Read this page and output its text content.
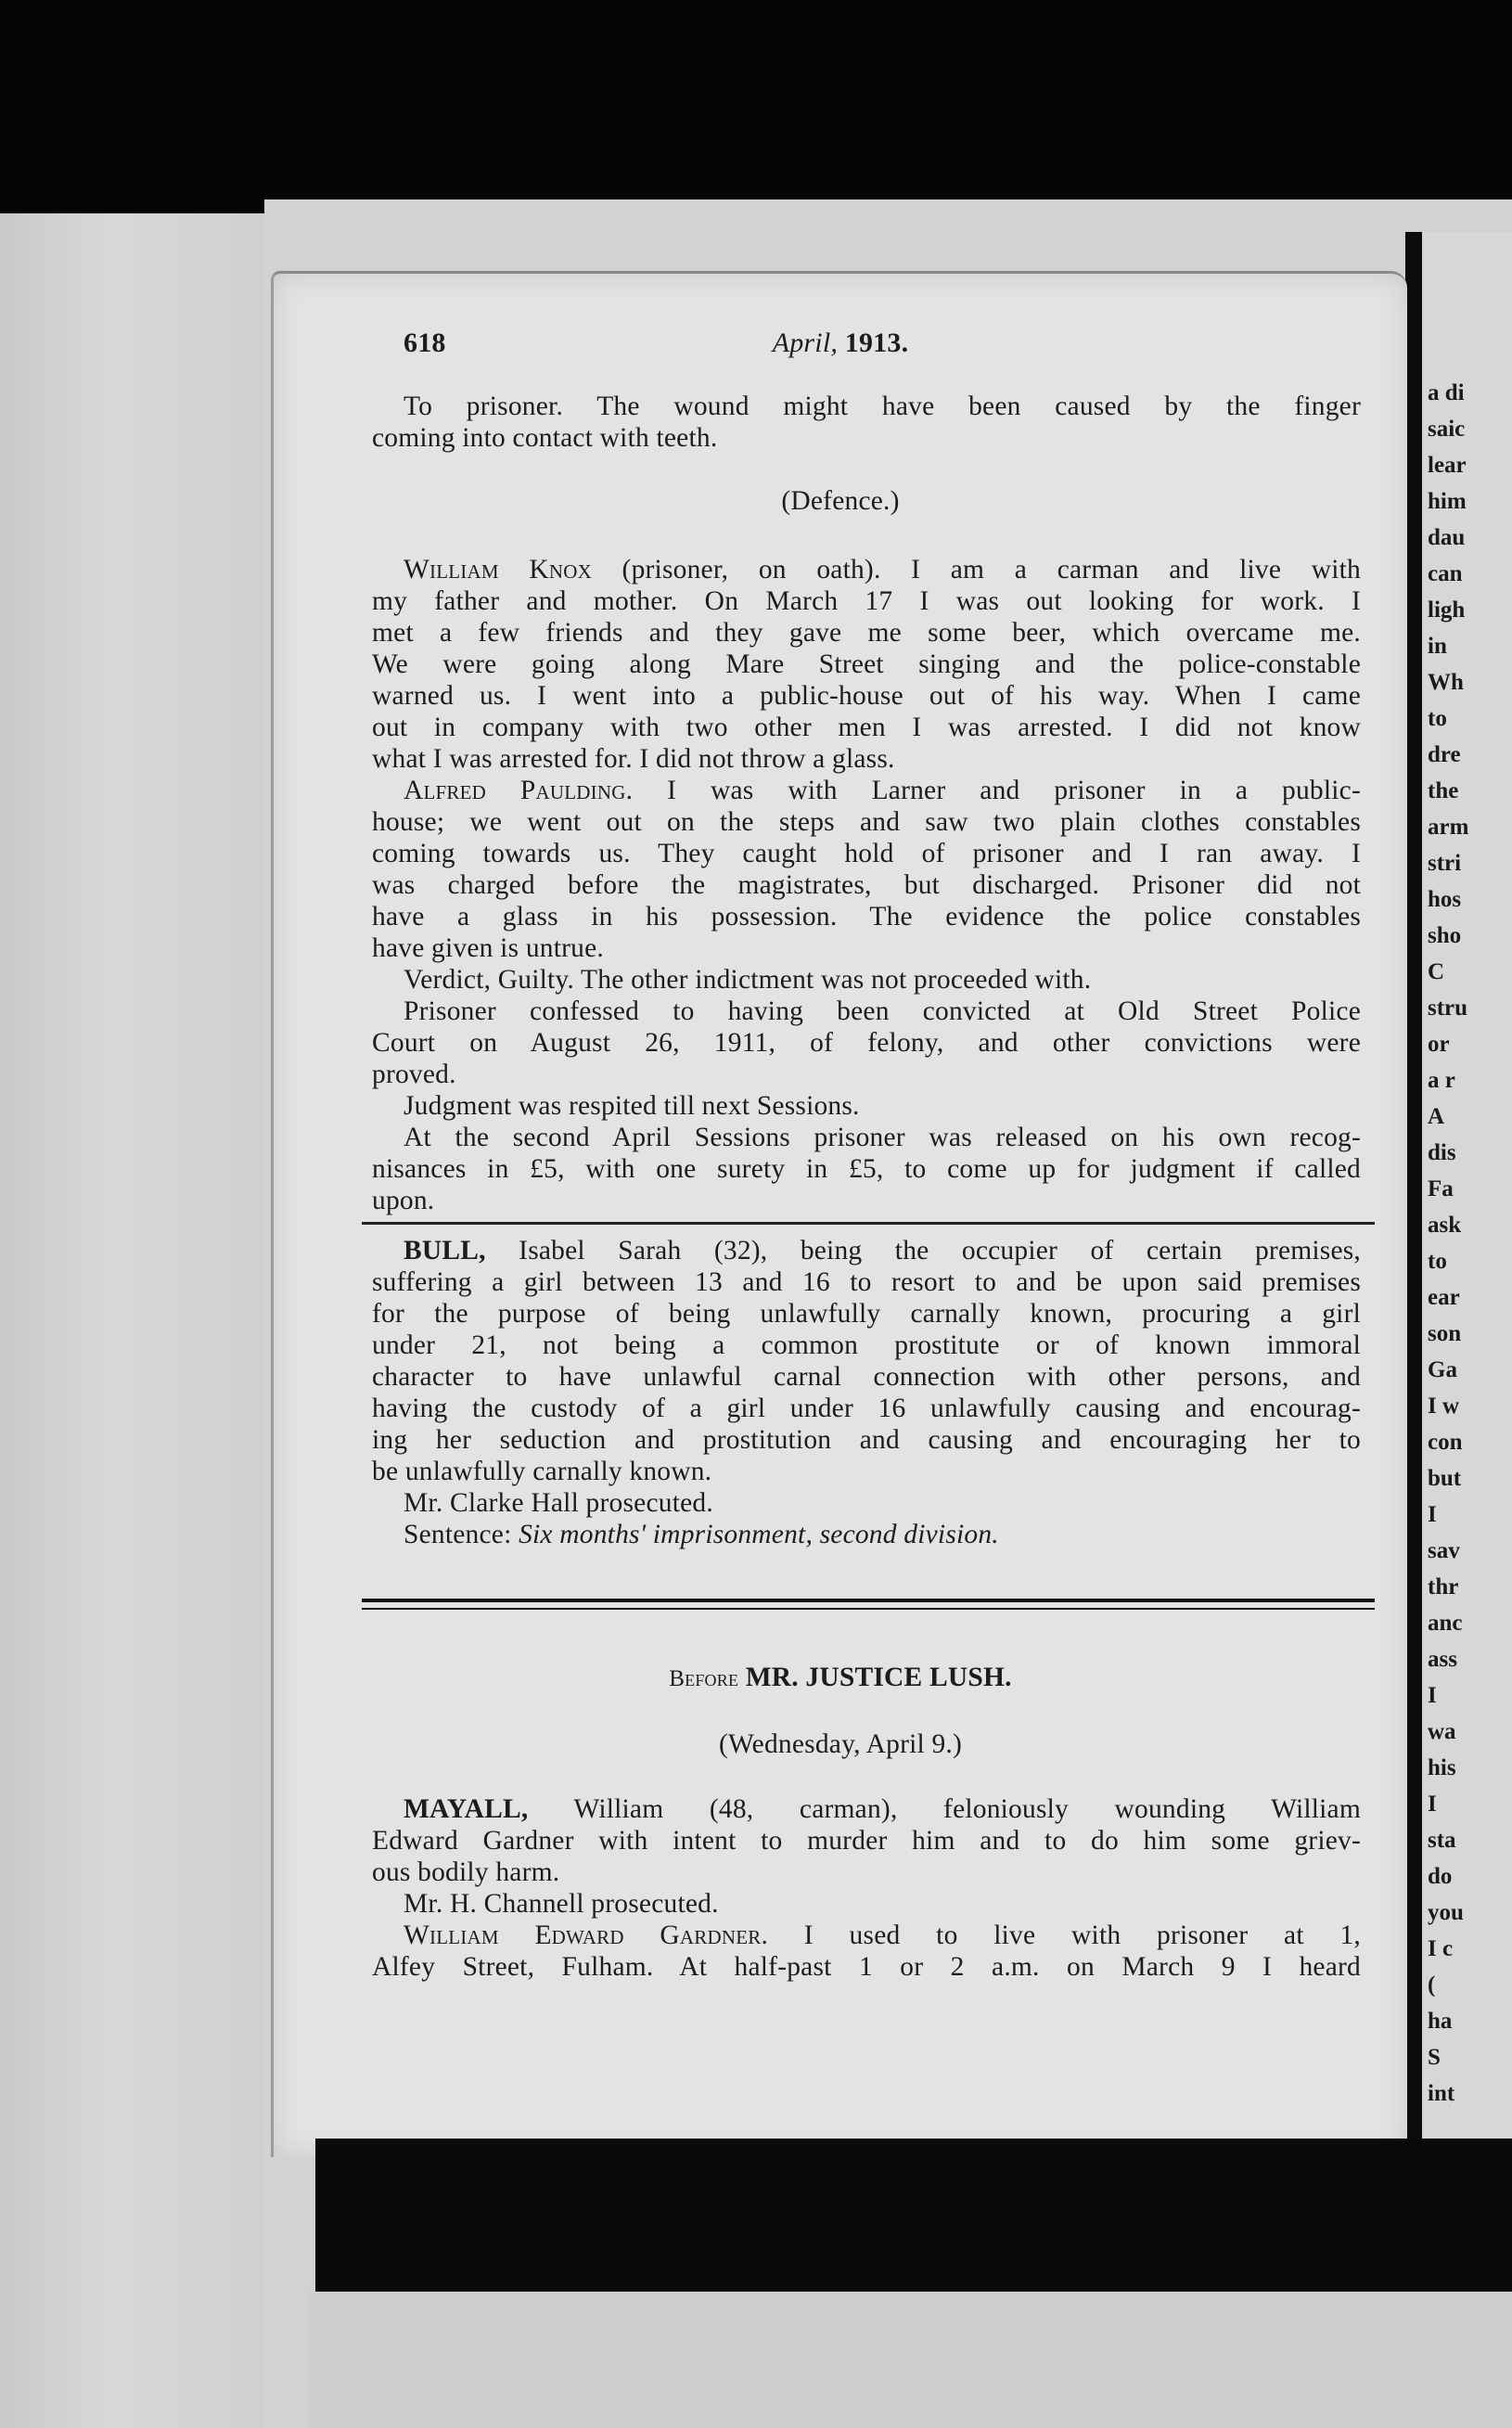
a di
saic
lear
him
dau
can
ligh
in
Wh
to
dre
the
arm
stri
hos
sho
C
stru
or
a r
A
dis
Fa
ask
to
ear
son
Ga
I w
con
but
I
sav
thr
anc
ass
I
wa
his
I
sta
do
you
I c
(
ha
S
int
618	April, 1913.
To prisoner. The wound might have been caused by the finger
coming into contact with teeth.
(Defence.)
William Knox (prisoner, on oath). I am a carman and live with
my father and mother. On March 17 I was out looking for work. I
met a few friends and they gave me some beer, which overcame me.
We were going along Mare Street singing and the police-constable
warned us. I went into a public-house out of his way. When I came
out in company with two other men I was arrested. I did not know
what I was arrested for. I did not throw a glass.
Alfred Paulding. I was with Larner and prisoner in a public-
house; we went out on the steps and saw two plain clothes constables
coming towards us. They caught hold of prisoner and I ran away. I
was charged before the magistrates, but discharged. Prisoner did not
have a glass in his possession. The evidence the police constables
have given is untrue.
Verdict, Guilty. The other indictment was not proceeded with.
Prisoner confessed to having been convicted at Old Street Police
Court on August 26, 1911, of felony, and other convictions were
proved.
Judgment was respited till next Sessions.
At the second April Sessions prisoner was released on his own recog-
nisances in £5, with one surety in £5, to come up for judgment if called
upon.
BULL, Isabel Sarah (32), being the occupier of certain premises,
suffering a girl between 13 and 16 to resort to and be upon said premises
for the purpose of being unlawfully carnally known, procuring a girl
under 21, not being a common prostitute or of known immoral
character to have unlawful carnal connection with other persons, and
having the custody of a girl under 16 unlawfully causing and encourag-
ing her seduction and prostitution and causing and encouraging her to
be unlawfully carnally known.
Mr. Clarke Hall prosecuted.
Sentence: Six months' imprisonment, second division.
Before MR. JUSTICE LUSH.
(Wednesday, April 9.)
MAYALL, William (48, carman), feloniously wounding William
Edward Gardner with intent to murder him and to do him some griev-
ous bodily harm.
Mr. H. Channell prosecuted.
William Edward Gardner. I used to live with prisoner at 1,
Alfey Street, Fulham. At half-past 1 or 2 a.m. on March 9 I heard
